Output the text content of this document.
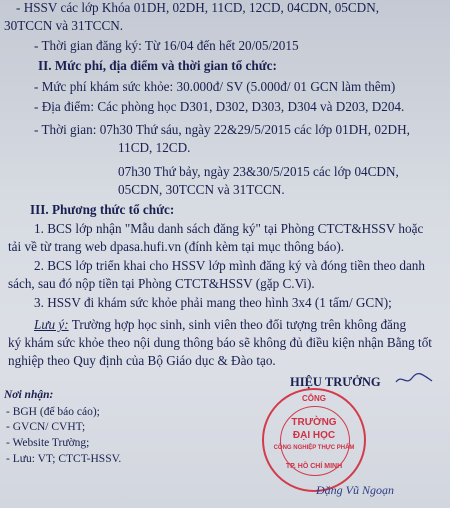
- HSSV các lớp Khóa 01DH, 02DH, 11CD, 12CD, 04CDN, 05CDN,
30TCCN và 31TCCN.
- Thời gian đăng ký: Từ 16/04 đến hết 20/05/2015
II. Mức phí, địa điểm và thời gian tổ chức:
- Mức phí khám sức khỏe: 30.000đ/ SV (5.000đ/ 01 GCN làm thêm)
- Địa điểm: Các phòng học D301, D302, D303, D304 và D203, D204.
- Thời gian: 07h30 Thứ sáu, ngày 22&29/5/2015 các lớp 01DH, 02DH,
11CD, 12CD.
07h30 Thứ bảy, ngày 23&30/5/2015 các lớp 04CDN,
05CDN, 30TCCN và 31TCCN.
III. Phương thức tổ chức:
1. BCS lớp nhận "Mẫu danh sách đăng ký" tại Phòng CTCT&HSSV hoặc
tải về từ trang web dpasa.hufi.vn (đính kèm tại mục thông báo).
2. BCS lớp triển khai cho HSSV lớp mình đăng ký và đóng tiền theo danh
sách, sau đó nộp tiền tại Phòng CTCT&HSSV (gặp C.Vi).
3. HSSV đi khám sức khỏe phải mang theo hình 3x4 (1 tấm/ GCN);
Lưu ý: Trường hợp học sinh, sinh viên theo đối tượng trên không đăng
ký khám sức khỏe theo nội dung thông báo sẽ không đủ điều kiện nhận Bằng tốt
nghiệp theo Quy định của Bộ Giáo dục & Đào tạo.
Nơi nhận:
- BGH (để báo cáo);
- GVCN/ CVHT;
- Website Trường;
- Lưu: VT; CTCT-HSSV.
HIỆU TRƯỞNG
CÔNG
TRƯỜNG
ĐẠI HỌC
CÔNG NGHIỆP THỰC PHẨM
TP. HỒ CHÍ MINH
Đặng Vũ Ngoạn
